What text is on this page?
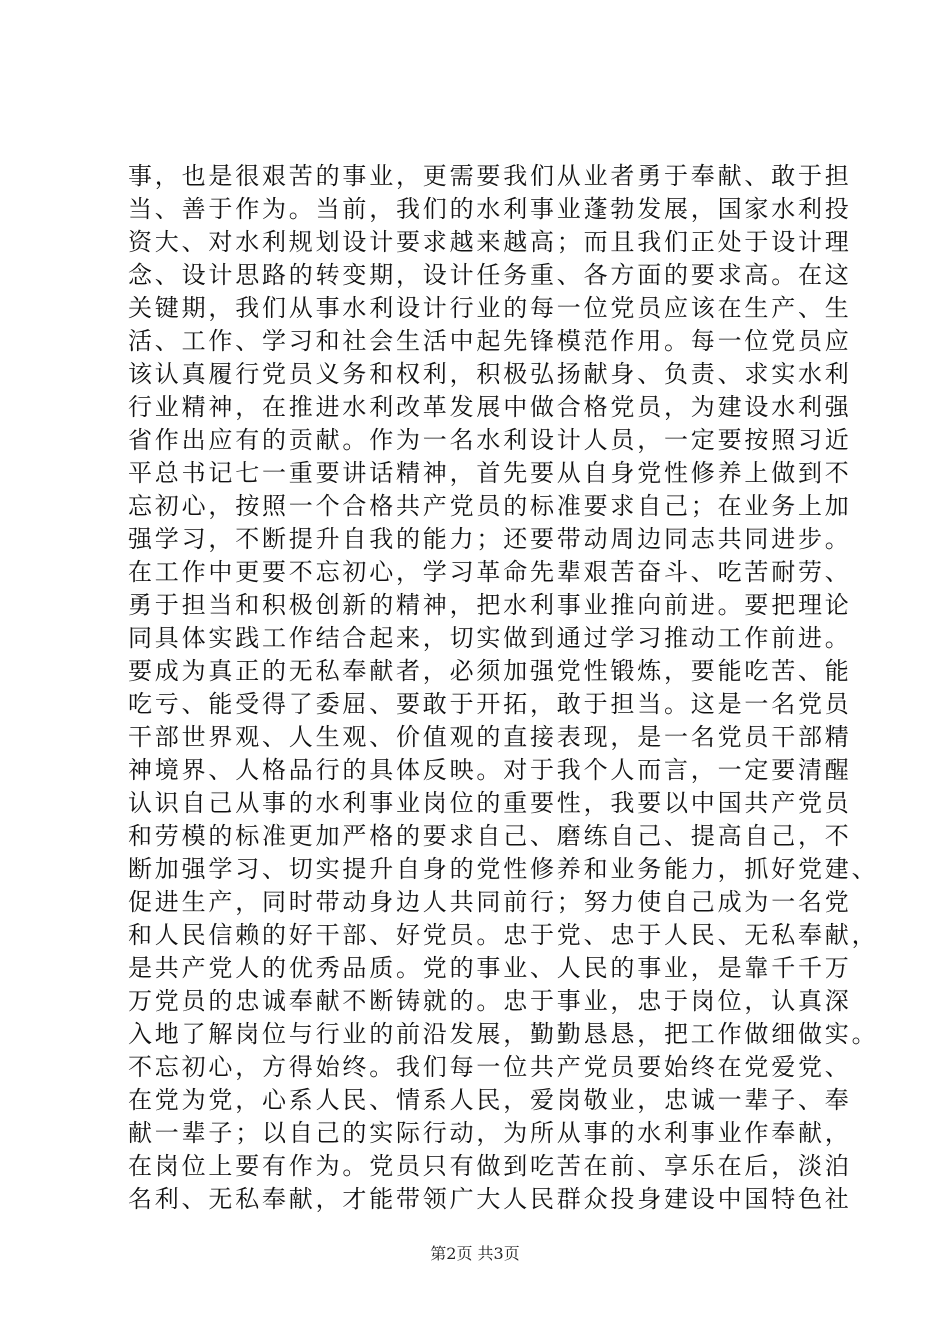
事，也是很艰苦的事业，更需要我们从业者勇于奉献、敢于担
当、善于作为。当前，我们的水利事业蓬勃发展，国家水利投
资大、对水利规划设计要求越来越高；而且我们正处于设计理
念、设计思路的转变期，设计任务重、各方面的要求高。在这
关键期，我们从事水利设计行业的每一位党员应该在生产、生
活、工作、学习和社会生活中起先锋模范作用。每一位党员应
该认真履行党员义务和权利，积极弘扬献身、负责、求实水利
行业精神，在推进水利改革发展中做合格党员，为建设水利强
省作出应有的贡献。作为一名水利设计人员，一定要按照习近
平总书记七一重要讲话精神，首先要从自身党性修养上做到不
忘初心，按照一个合格共产党员的标准要求自己；在业务上加
强学习，不断提升自我的能力；还要带动周边同志共同进步。
在工作中更要不忘初心，学习革命先辈艰苦奋斗、吃苦耐劳、
勇于担当和积极创新的精神，把水利事业推向前进。要把理论
同具体实践工作结合起来，切实做到通过学习推动工作前进。
要成为真正的无私奉献者，必须加强党性锻炼，要能吃苦、能
吃亏、能受得了委屈、要敢于开拓，敢于担当。这是一名党员
干部世界观、人生观、价值观的直接表现，是一名党员干部精
神境界、人格品行的具体反映。对于我个人而言，一定要清醒
认识自己从事的水利事业岗位的重要性，我要以中国共产党员
和劳模的标准更加严格的要求自己、磨练自己、提高自己，不
断加强学习、切实提升自身的党性修养和业务能力，抓好党建、
促进生产，同时带动身边人共同前行；努力使自己成为一名党
和人民信赖的好干部、好党员。忠于党、忠于人民、无私奉献，
是共产党人的优秀品质。党的事业、人民的事业，是靠千千万
万党员的忠诚奉献不断铸就的。忠于事业，忠于岗位，认真深
入地了解岗位与行业的前沿发展，勤勤恳恳，把工作做细做实。
不忘初心，方得始终。我们每一位共产党员要始终在党爱党、
在党为党，心系人民、情系人民，爱岗敬业，忠诚一辈子、奉
献一辈子；以自己的实际行动，为所从事的水利事业作奉献，
在岗位上要有作为。党员只有做到吃苦在前、享乐在后，淡泊
名利、无私奉献，才能带领广大人民群众投身建设中国特色社
第2页 共3页
